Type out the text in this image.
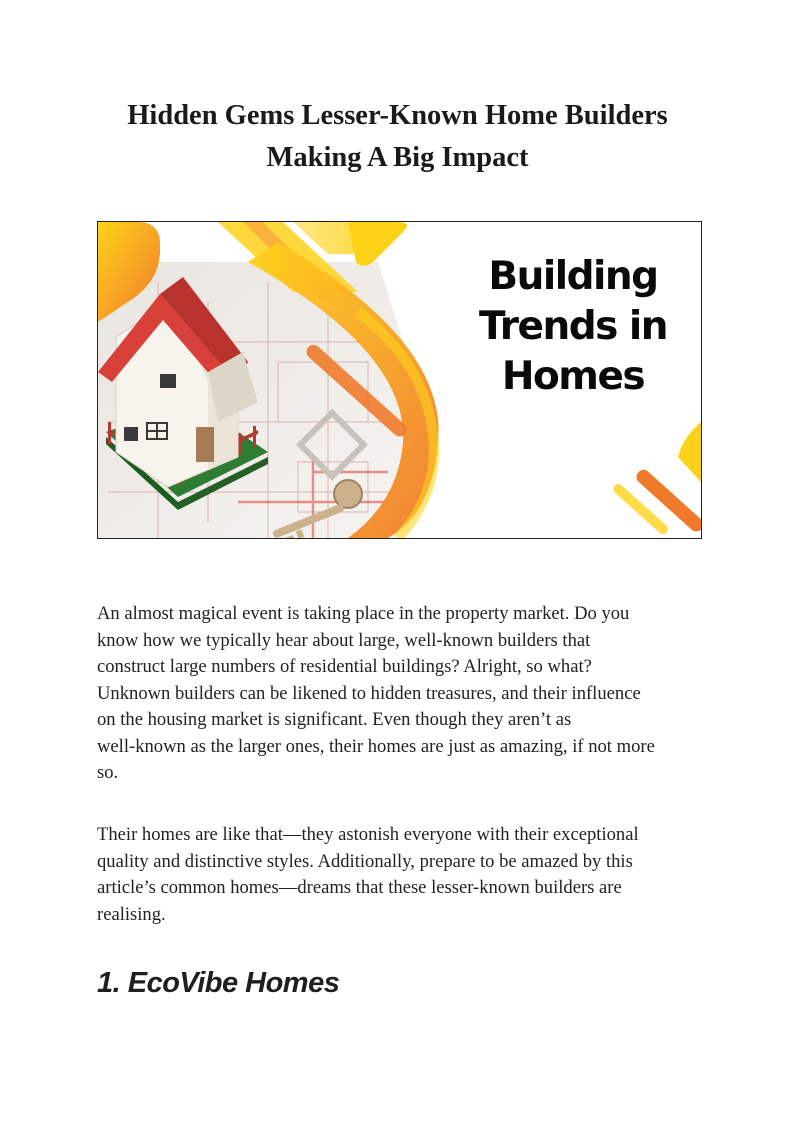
Hidden Gems Lesser-Known Home Builders
Making A Big Impact
Building
Trends in
Homes

An almost magical event is taking place in the property market. Do you
know how we typically hear about large, well-known builders that
construct large numbers of residential buildings? Alright, so what?
Unknown builders can be likened to hidden treasures, and their influence
on the housing market is significant. Even though they aren’t as
well-known as the larger ones, their homes are just as amazing, if not more
so.

Their homes are like that—they astonish everyone with their exceptional
quality and distinctive styles. Additionally, prepare to be amazed by this
article’s common homes—dreams that these lesser-known builders are
realising.

1. EcoVibe Homes
